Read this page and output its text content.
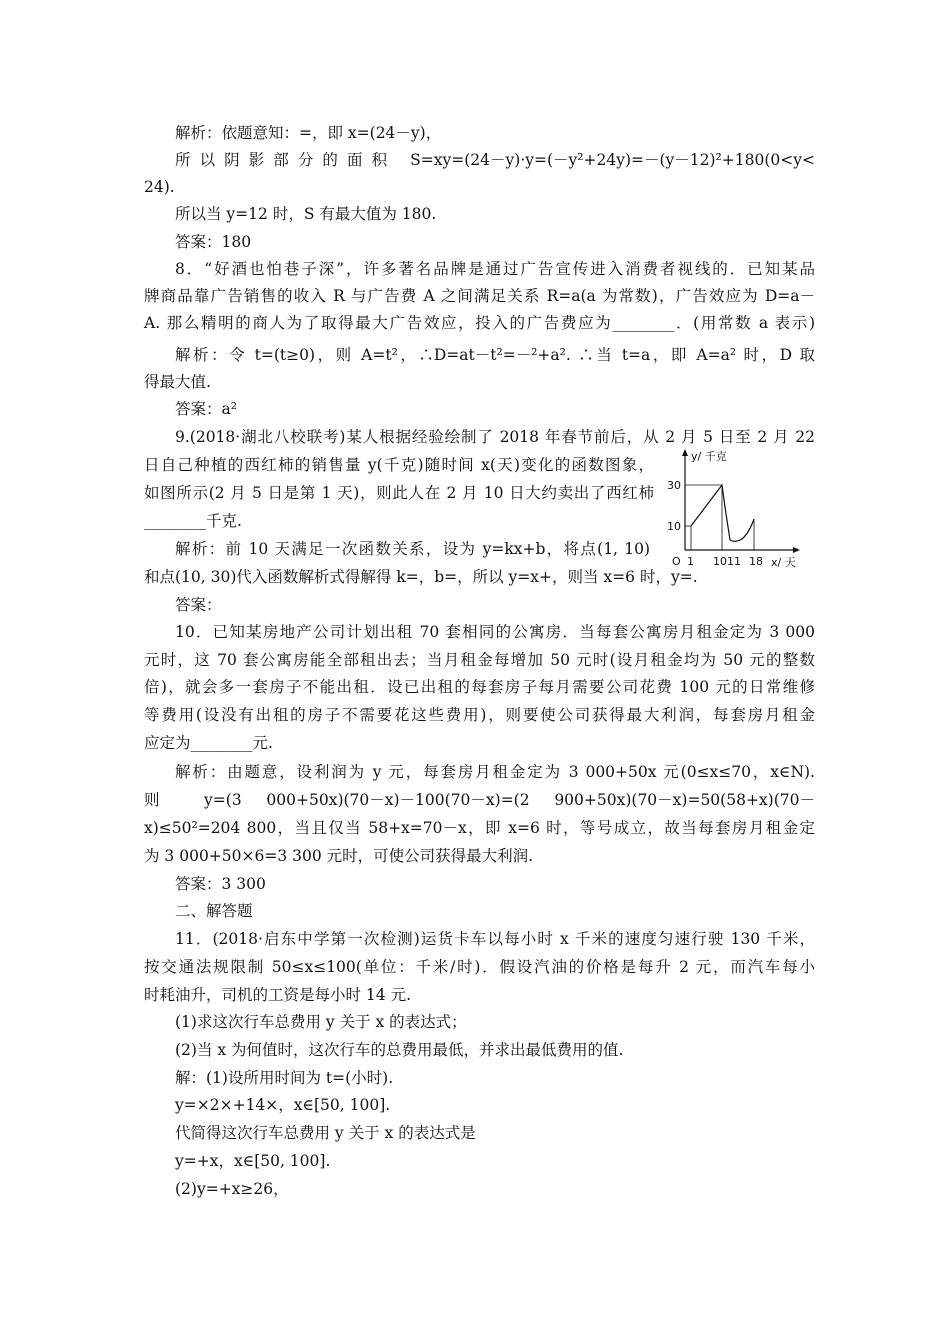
解析：依题意知：=，即 x=(24－y)，
所以阴影部分的面积 S=xy=(24－y)·y=(－y²+24y)=－(y－12)²+180(0<y<
24).
所以当 y=12 时，S 有最大值为 180.
答案：180
8．“好酒也怕巷子深”，许多著名品牌是通过广告宣传进入消费者视线的．已知某品
牌商品靠广告销售的收入 R 与广告费 A 之间满足关系 R=a(a 为常数)，广告效应为 D=a－
A. 那么精明的商人为了取得最大广告效应，投入的广告费应为________．(用常数 a 表示)
解析：令 t=(t≥0)，则 A=t²，∴D=at－t²=－²+a². ∴当 t=a，即 A=a² 时，D 取
得最大值.
答案：a²
9.(2018·湖北八校联考)某人根据经验绘制了 2018 年春节前后，从 2 月 5 日至 2 月 22
日自己种植的西红柿的销售量 y(千克)随时间 x(天)变化的函数图象，
如图所示(2 月 5 日是第 1 天)，则此人在 2 月 10 日大约卖出了西红柿
________千克.
解析：前 10 天满足一次函数关系，设为 y=kx+b，将点(1, 10)
和点(10, 30)代入函数解析式得解得 k=，b=，所以 y=x+，则当 x=6 时，y=.
答案：
10．已知某房地产公司计划出租 70 套相同的公寓房．当每套公寓房月租金定为 3 000
元时，这 70 套公寓房能全部租出去；当月租金每增加 50 元时(设月租金均为 50 元的整数
倍)，就会多一套房子不能出租．设已出租的每套房子每月需要公司花费 100 元的日常维修
等费用(设没有出租的房子不需要花这些费用)，则要使公司获得最大利润，每套房月租金
应定为________元.
解析：由题意，设利润为 y 元，每套房月租金定为 3 000+50x 元(0≤x≤70，x∈N).
则 y=(3 000+50x)(70－x)－100(70－x)=(2 900+50x)(70－x)=50(58+x)(70－
x)≤50²=204 800，当且仅当 58+x=70－x，即 x=6 时，等号成立，故当每套房月租金定
为 3 000+50×6=3 300 元时，可使公司获得最大利润.
答案：3 300
二、解答题
11．(2018·启东中学第一次检测)运货卡车以每小时 x 千米的速度匀速行驶 130 千米，
按交通法规限制 50≤x≤100(单位：千米/时)．假设汽油的价格是每升 2 元，而汽车每小
时耗油升，司机的工资是每小时 14 元.
(1)求这次行车总费用 y 关于 x 的表达式；
(2)当 x 为何值时，这次行车的总费用最低，并求出最低费用的值.
解：(1)设所用时间为 t=(小时).
y=×2×+14×，x∈[50, 100].
代简得这次行车总费用 y 关于 x 的表达式是
y=+x，x∈[50, 100].
(2)y=+x≥26，
y/ 千克
30
10
O 1 10 11 18 x/ 天
